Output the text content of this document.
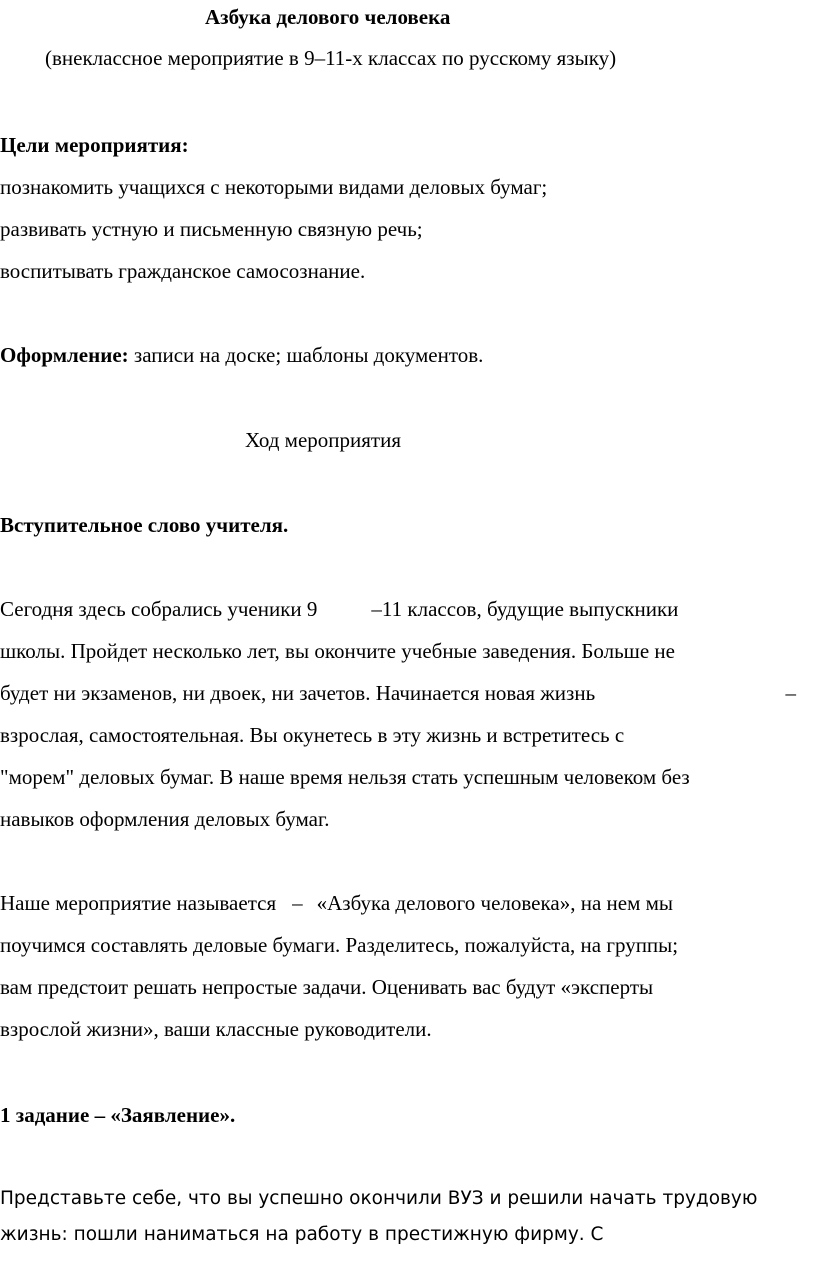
Азбука делового человека
(внеклассное мероприятие в 9–11-х классах по русскому языку)
Цели мероприятия:
познакомить учащихся с некоторыми видами деловых бумаг;
развивать устную и письменную связную речь;
воспитывать гражданское самосознание.
Оформление: записи на доске; шаблоны документов.
Ход мероприятия
Вступительное слово учителя.
Сегодня здесь собрались ученики 9	–11 классов, будущие выпускники
школы. Пройдет несколько лет, вы окончите учебные заведения. Больше не
будет ни экзаменов, ни двоек, ни зачетов. Начинается новая жизнь	–
взрослая, самостоятельная. Вы окунетесь в эту жизнь и встретитесь с
"морем" деловых бумаг. В наше время нельзя стать успешным человеком без
навыков оформления деловых бумаг.
Наше мероприятие называется – «Азбука делового человека», на нем мы
поучимся составлять деловые бумаги. Разделитесь, пожалуйста, на группы;
вам предстоит решать непростые задачи. Оценивать вас будут «эксперты
взрослой жизни», ваши классные руководители.
1 задание – «Заявление».
Представьте себе, что вы успешно окончили ВУЗ и решили начать трудовую
жизнь: пошли наниматься на работу в престижную фирму. С
